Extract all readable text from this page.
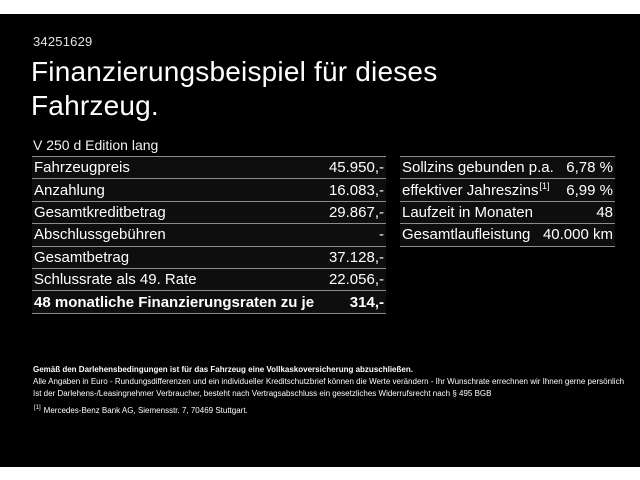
34251629
Finanzierungsbeispiel für dieses Fahrzeug.
V 250 d Edition lang
Fahrzeugpreis	45.950,-
Anzahlung	16.083,-
Gesamtkreditbetrag	29.867,-
Abschlussgebühren	-
Gesamtbetrag	37.128,-
Schlussrate als 49. Rate	22.056,-
48 monatliche Finanzierungsraten zu je 314,-
Sollzins gebunden p.a. 6,78 %
effektiver Jahreszins[1] 6,99 %
Laufzeit in Monaten	48
Gesamtlaufleistung 40.000 km
Gemäß den Darlehensbedingungen ist für das Fahrzeug eine Vollkaskoversicherung abzuschließen.
Alle Angaben in Euro - Rundungsdifferenzen und ein individueller Kreditschutzbrief können die Werte verändern - Ihr Wunschrate errechnen wir Ihnen gerne persönlich
Ist der Darlehens-/Leasingnehmer Verbraucher, besteht nach Vertragsabschluss ein gesetzliches Widerrufsrecht nach § 495 BGB
[1] Mercedes-Benz Bank AG, Siemensstr. 7, 70469 Stuttgart.
